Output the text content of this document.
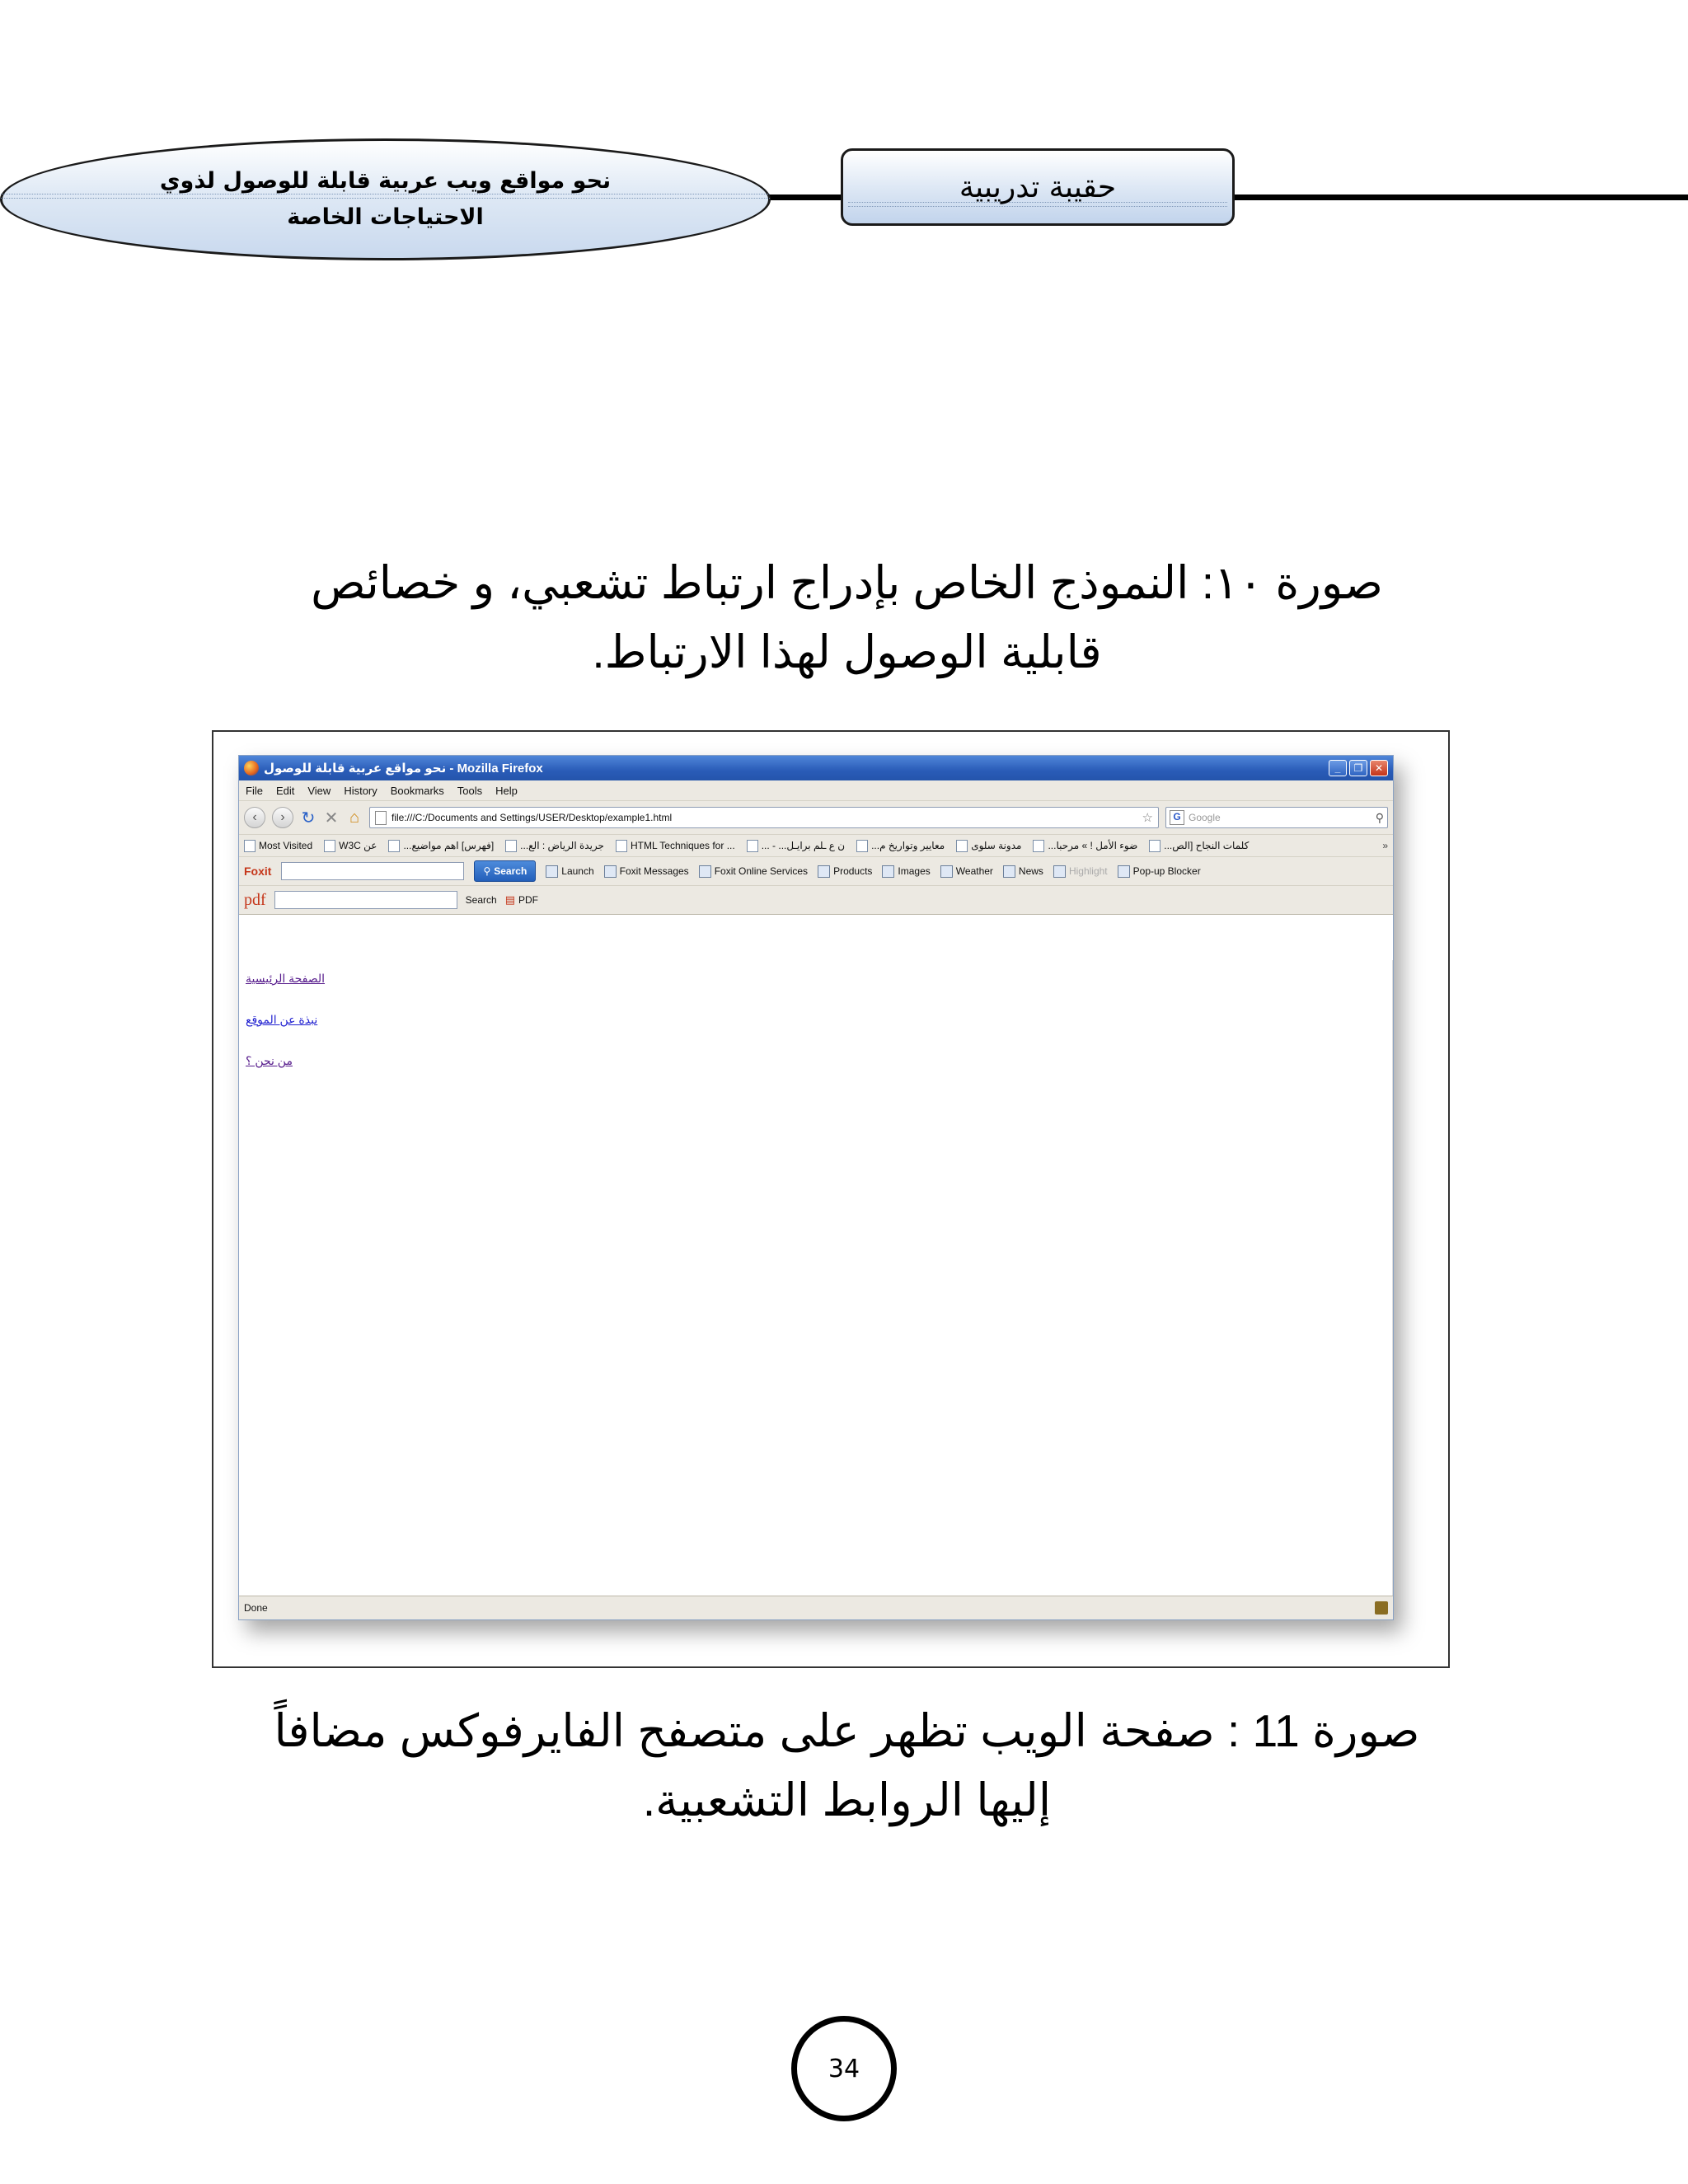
نحو مواقع ويب عربية قابلة للوصول لذوي
الاحتياجات الخاصة
حقيبة تدريبية
صورة ١٠: النموذج الخاص بإدراج ارتباط تشعبي، و خصائص
قابلية الوصول لهذا الارتباط.
نحو مواقع عربية قابلة للوصول - Mozilla Firefox	_	❐	✕
File Edit View History Bookmarks Tools Help
‹	› ↻ ✕ ⌂	file:///C:/Documents and Settings/USER/Desktop/example1.html	☆	G Google	⚲
Most Visited	W3C عن	...فهرس] اهم مواضيع]	...جريدة الرياض : الع	HTML Techniques for ...	... - ...ن ع ـلم برايـل	...معايير وتواريخ م	مدونة سلوى	...ضوء الأمل ! » مرحبا	...كلمات النجاح [الص	»
Foxit	⚲ Search	Launch	Foxit Messages	Foxit Online Services	Products	Images	Weather	News	Highlight	Pop-up Blocker
pdf	Search ▤ PDF
الصفحة الرئيسية
نبذة عن الموقع
من نحن ؟
Done
صورة 11 : صفحة الويب تظهر على متصفح الفايرفوكس مضافاً
إليها الروابط التشعبية.
34
